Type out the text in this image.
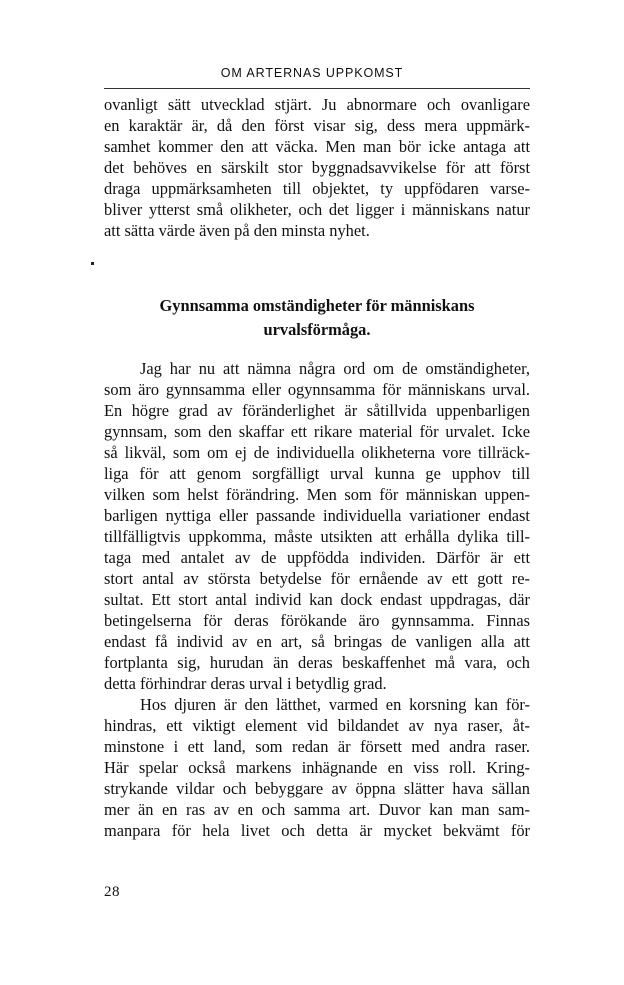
OM ARTERNAS UPPKOMST
ovanligt sätt utvecklad stjärt. Ju abnormare och ovanligare
en karaktär är, då den först visar sig, dess mera uppmärk-
samhet kommer den att väcka. Men man bör icke antaga att
det behöves en särskilt stor byggnadsavvikelse för att först
draga uppmärksamheten till objektet, ty uppfödaren varse-
bliver ytterst små olikheter, och det ligger i människans natur
att sätta värde även på den minsta nyhet.
Gynnsamma omständigheter för människans
urvalsförmåga.
Jag har nu att nämna några ord om de omständigheter,
som äro gynnsamma eller ogynnsamma för människans urval.
En högre grad av föränderlighet är såtillvida uppenbarligen
gynnsam, som den skaffar ett rikare material för urvalet. Icke
så likväl, som om ej de individuella olikheterna vore tillräck-
liga för att genom sorgfälligt urval kunna ge upphov till
vilken som helst förändring. Men som för människan uppen-
barligen nyttiga eller passande individuella variationer endast
tillfälligtvis uppkomma, måste utsikten att erhålla dylika till-
taga med antalet av de uppfödda individen. Därför är ett
stort antal av största betydelse för ernående av ett gott re-
sultat. Ett stort antal individ kan dock endast uppdragas, där
betingelserna för deras förökande äro gynnsamma. Finnas
endast få individ av en art, så bringas de vanligen alla att
fortplanta sig, hurudan än deras beskaffenhet må vara, och
detta förhindrar deras urval i betydlig grad.
Hos djuren är den lätthet, varmed en korsning kan för-
hindras, ett viktigt element vid bildandet av nya raser, åt-
minstone i ett land, som redan är försett med andra raser.
Här spelar också markens inhägnande en viss roll. Kring-
strykande vildar och bebyggare av öppna slätter hava sällan
mer än en ras av en och samma art. Duvor kan man sam-
manpara för hela livet och detta är mycket bekvämt för
28
